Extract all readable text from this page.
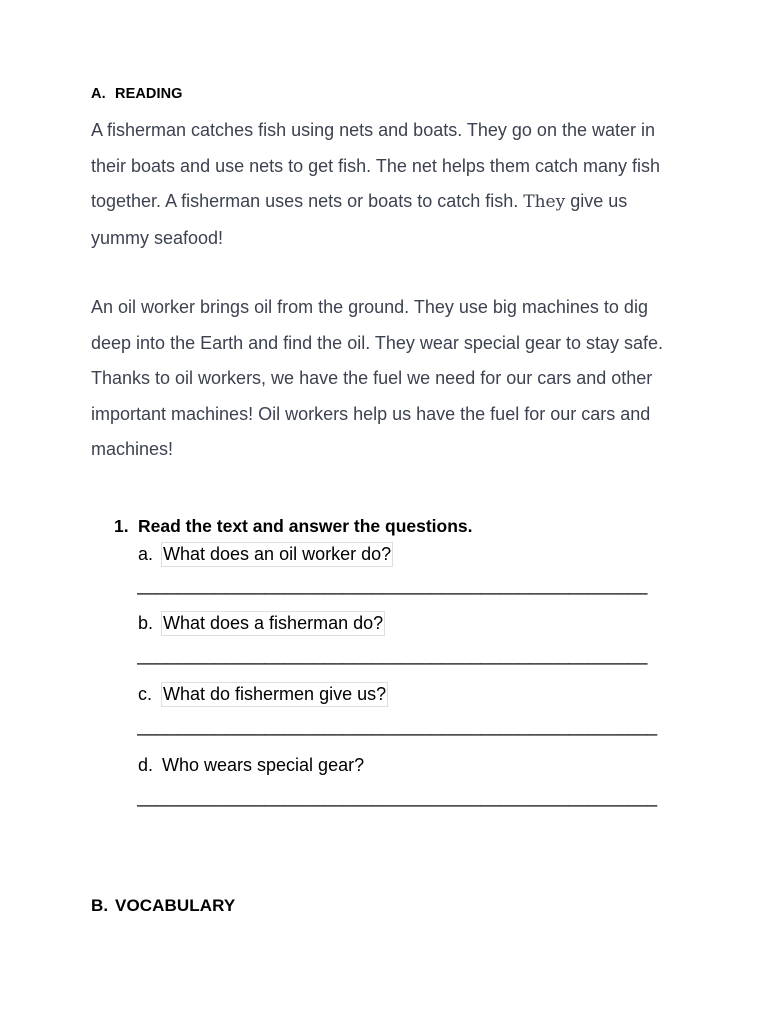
A. READING

A fisherman catches fish using nets and boats. They go on the water in their boats and use nets to get fish. The net helps them catch many fish together. A fisherman uses nets or boats to catch fish. They give us yummy seafood!

An oil worker brings oil from the ground. They use big machines to dig deep into the Earth and find the oil. They wear special gear to stay safe. Thanks to oil workers, we have the fuel we need for our cars and other important machines! Oil workers help us have the fuel for our cars and machines!

1. Read the text and answer the questions.
a. What does an oil worker do?
____________________________________________________
b. What does a fisherman do?
____________________________________________________
c. What do fishermen give us?
_____________________________________________________
d. Who wears special gear?
_____________________________________________________
B. VOCABULARY
